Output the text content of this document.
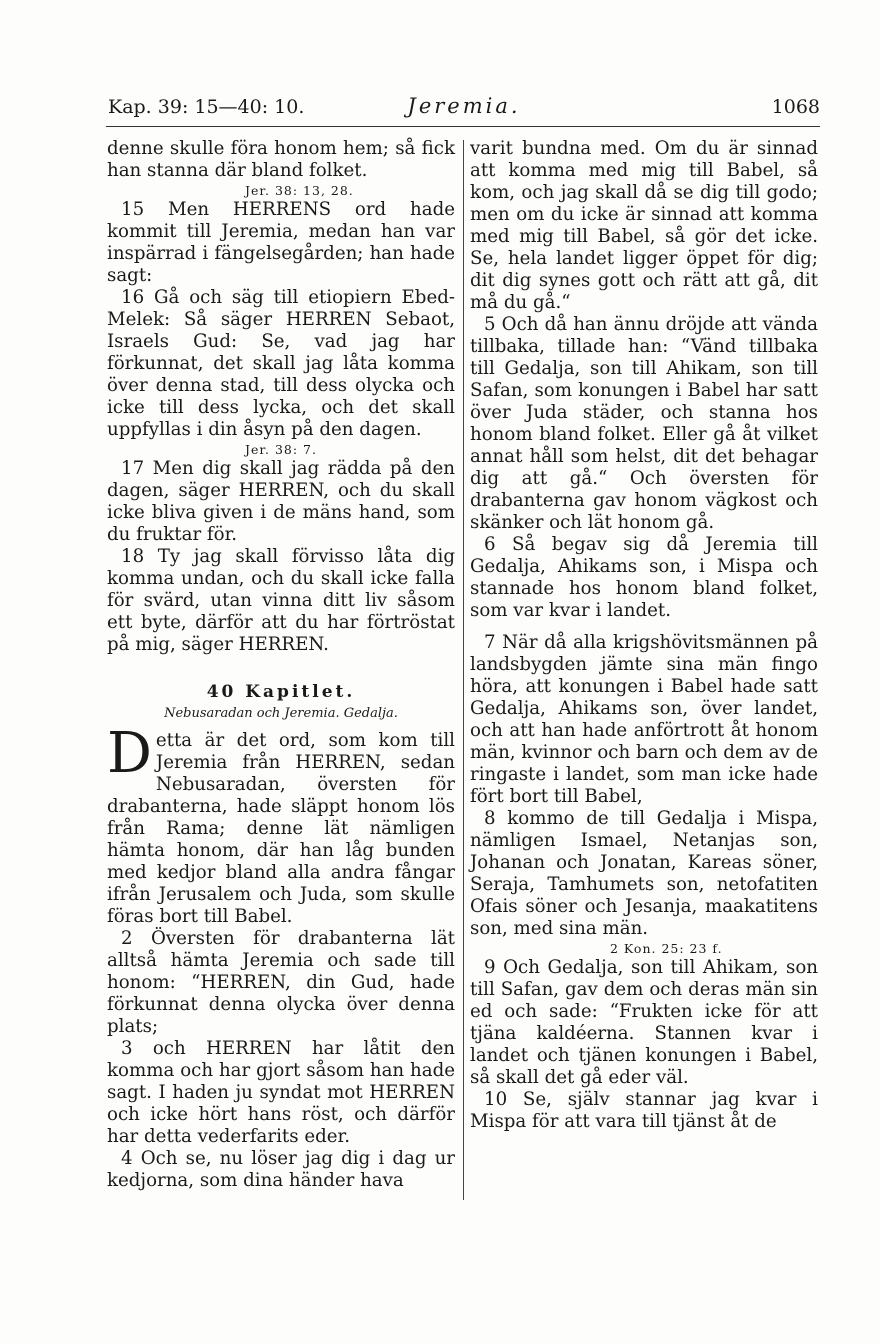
Kap. 39: 15—40: 10.	Jeremia.	1068

denne skulle föra honom hem; så fick han stanna där bland folket.

Jer. 38: 13, 28.

15 Men HERRENS ord hade kommit till Jeremia, medan han var inspärrad i fängelsegården; han hade sagt:

16 Gå och säg till etiopiern Ebed-Melek: Så säger HERREN Sebaot, Israels Gud: Se, vad jag har förkunnat, det skall jag låta komma över denna stad, till dess olycka och icke till dess lycka, och det skall uppfyllas i din åsyn på den dagen.

Jer. 38: 7.

17 Men dig skall jag rädda på den dagen, säger HERREN, och du skall icke bliva given i de mäns hand, som du fruktar för.

18 Ty jag skall förvisso låta dig komma undan, och du skall icke falla för svärd, utan vinna ditt liv såsom ett byte, därför att du har förtröstat på mig, säger HERREN.

40 Kapitlet.
Nebusaradan och Jeremia. Gedalja.

Detta är det ord, som kom till Jeremia från HERREN, sedan Nebusaradan, översten för drabanterna, hade släppt honom lös från Rama; denne lät nämligen hämta honom, där han låg bunden med kedjor bland alla andra fångar ifrån Jerusalem och Juda, som skulle föras bort till Babel.

2 Översten för drabanterna lät alltså hämta Jeremia och sade till honom: “HERREN, din Gud, hade förkunnat denna olycka över denna plats;

3 och HERREN har låtit den komma och har gjort såsom han hade sagt. I haden ju syndat mot HERREN och icke hört hans röst, och därför har detta vederfarits eder.

4 Och se, nu löser jag dig i dag ur kedjorna, som dina händer hava

varit bundna med. Om du är sinnad att komma med mig till Babel, så kom, och jag skall då se dig till godo; men om du icke är sinnad att komma med mig till Babel, så gör det icke. Se, hela landet ligger öppet för dig; dit dig synes gott och rätt att gå, dit må du gå.“

5 Och då han ännu dröjde att vända tillbaka, tillade han: “Vänd tillbaka till Gedalja, son till Ahikam, son till Safan, som konungen i Babel har satt över Juda städer, och stanna hos honom bland folket. Eller gå åt vilket annat håll som helst, dit det behagar dig att gå.“ Och översten för drabanterna gav honom vägkost och skänker och lät honom gå.

6 Så begav sig då Jeremia till Gedalja, Ahikams son, i Mispa och stannade hos honom bland folket, som var kvar i landet.

7 När då alla krigshövitsmännen på landsbygden jämte sina män fingo höra, att konungen i Babel hade satt Gedalja, Ahikams son, över landet, och att han hade anförtrott åt honom män, kvinnor och barn och dem av de ringaste i landet, som man icke hade fört bort till Babel,

8 kommo de till Gedalja i Mispa, nämligen Ismael, Netanjas son, Johanan och Jonatan, Kareas söner, Seraja, Tamhumets son, netofatiten Ofais söner och Jesanja, maakatitens son, med sina män.

2 Kon. 25: 23 f.

9 Och Gedalja, son till Ahikam, son till Safan, gav dem och deras män sin ed och sade: “Frukten icke för att tjäna kaldéerna. Stannen kvar i landet och tjänen konungen i Babel, så skall det gå eder väl.

10 Se, själv stannar jag kvar i Mispa för att vara till tjänst åt de
